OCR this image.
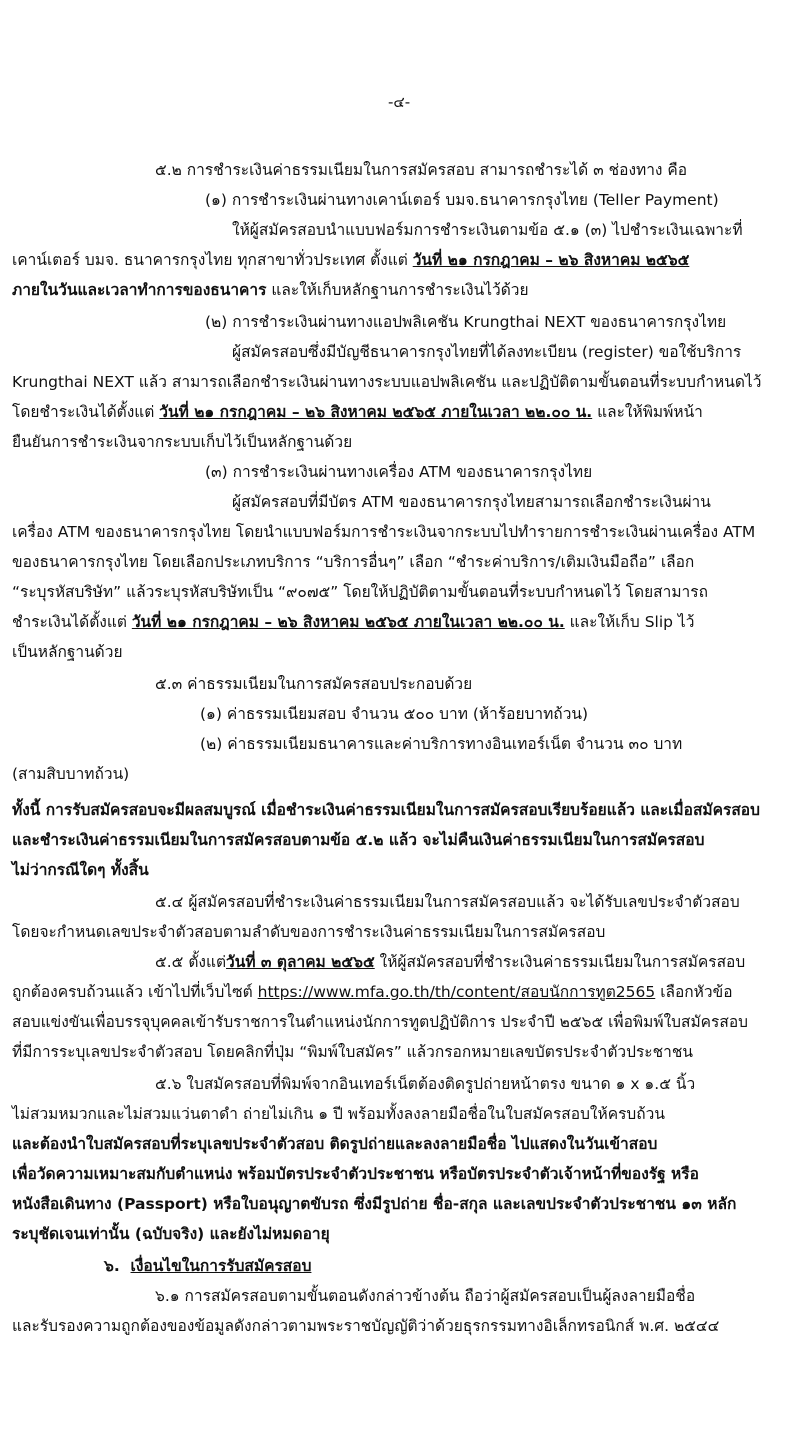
-๔-
๕.๒ การชำระเงินค่าธรรมเนียมในการสมัครสอบ สามารถชำระได้ ๓ ช่องทาง คือ
(๑) การชำระเงินผ่านทางเคาน์เตอร์ บมจ.ธนาคารกรุงไทย (Teller Payment)
ให้ผู้สมัครสอบนำแบบฟอร์มการชำระเงินตามข้อ ๕.๑ (๓) ไปชำระเงินเฉพาะที่
เคาน์เตอร์ บมจ. ธนาคารกรุงไทย ทุกสาขาทั่วประเทศ ตั้งแต่ วันที่ ๒๑ กรกฎาคม – ๒๖ สิงหาคม ๒๕๖๕
ภายในวันและเวลาทำการของธนาคาร และให้เก็บหลักฐานการชำระเงินไว้ด้วย
(๒) การชำระเงินผ่านทางแอปพลิเคชัน Krungthai NEXT ของธนาคารกรุงไทย
ผู้สมัครสอบซึ่งมีบัญชีธนาคารกรุงไทยที่ได้ลงทะเบียน (register) ขอใช้บริการ
Krungthai NEXT แล้ว สามารถเลือกชำระเงินผ่านทางระบบแอปพลิเคชัน และปฏิบัติตามขั้นตอนที่ระบบกำหนดไว้
โดยชำระเงินได้ตั้งแต่ วันที่ ๒๑ กรกฎาคม – ๒๖ สิงหาคม ๒๕๖๕ ภายในเวลา ๒๒.๐๐ น. และให้พิมพ์หน้า
ยืนยันการชำระเงินจากระบบเก็บไว้เป็นหลักฐานด้วย
(๓) การชำระเงินผ่านทางเครื่อง ATM ของธนาคารกรุงไทย
ผู้สมัครสอบที่มีบัตร ATM ของธนาคารกรุงไทยสามารถเลือกชำระเงินผ่าน
เครื่อง ATM ของธนาคารกรุงไทย โดยนำแบบฟอร์มการชำระเงินจากระบบไปทำรายการชำระเงินผ่านเครื่อง ATM
ของธนาคารกรุงไทย โดยเลือกประเภทบริการ “บริการอื่นๆ” เลือก “ชำระค่าบริการ/เติมเงินมือถือ” เลือก
“ระบุรหัสบริษัท” แล้วระบุรหัสบริษัทเป็น “๙๐๗๕” โดยให้ปฏิบัติตามขั้นตอนที่ระบบกำหนดไว้ โดยสามารถ
ชำระเงินได้ตั้งแต่ วันที่ ๒๑ กรกฎาคม – ๒๖ สิงหาคม ๒๕๖๕ ภายในเวลา ๒๒.๐๐ น. และให้เก็บ Slip ไว้
เป็นหลักฐานด้วย
๕.๓ ค่าธรรมเนียมในการสมัครสอบประกอบด้วย
(๑) ค่าธรรมเนียมสอบ จำนวน ๕๐๐ บาท (ห้าร้อยบาทถ้วน)
(๒) ค่าธรรมเนียมธนาคารและค่าบริการทางอินเทอร์เน็ต จำนวน ๓๐ บาท
(สามสิบบาทถ้วน)
ทั้งนี้ การรับสมัครสอบจะมีผลสมบูรณ์ เมื่อชำระเงินค่าธรรมเนียมในการสมัครสอบเรียบร้อยแล้ว และเมื่อสมัครสอบ
และชำระเงินค่าธรรมเนียมในการสมัครสอบตามข้อ ๕.๒ แล้ว จะไม่คืนเงินค่าธรรมเนียมในการสมัครสอบ
ไม่ว่ากรณีใดๆ ทั้งสิ้น
๕.๔ ผู้สมัครสอบที่ชำระเงินค่าธรรมเนียมในการสมัครสอบแล้ว จะได้รับเลขประจำตัวสอบ
โดยจะกำหนดเลขประจำตัวสอบตามลำดับของการชำระเงินค่าธรรมเนียมในการสมัครสอบ
๕.๕ ตั้งแต่วันที่ ๓ ตุลาคม ๒๕๖๕ ให้ผู้สมัครสอบที่ชำระเงินค่าธรรมเนียมในการสมัครสอบ
ถูกต้องครบถ้วนแล้ว เข้าไปที่เว็บไซต์ https://www.mfa.go.th/th/content/สอบนักการทูต2565 เลือกหัวข้อ
สอบแข่งขันเพื่อบรรจุบุคคลเข้ารับราชการในตำแหน่งนักการทูตปฏิบัติการ ประจำปี ๒๕๖๕ เพื่อพิมพ์ใบสมัครสอบ
ที่มีการระบุเลขประจำตัวสอบ โดยคลิกที่ปุ่ม “พิมพ์ใบสมัคร” แล้วกรอกหมายเลขบัตรประจำตัวประชาชน
๕.๖ ใบสมัครสอบที่พิมพ์จากอินเทอร์เน็ตต้องติดรูปถ่ายหน้าตรง ขนาด ๑ x ๑.๕ นิ้ว
ไม่สวมหมวกและไม่สวมแว่นตาดำ ถ่ายไม่เกิน ๑ ปี พร้อมทั้งลงลายมือชื่อในใบสมัครสอบให้ครบถ้วน
และต้องนำใบสมัครสอบที่ระบุเลขประจำตัวสอบ ติดรูปถ่ายและลงลายมือชื่อ ไปแสดงในวันเข้าสอบ
เพื่อวัดความเหมาะสมกับตำแหน่ง พร้อมบัตรประจำตัวประชาชน หรือบัตรประจำตัวเจ้าหน้าที่ของรัฐ หรือ
หนังสือเดินทาง (Passport) หรือใบอนุญาตขับรถ ซึ่งมีรูปถ่าย ชื่อ-สกุล และเลขประจำตัวประชาชน ๑๓ หลัก
ระบุชัดเจนเท่านั้น (ฉบับจริง) และยังไม่หมดอายุ
๖. เงื่อนไขในการรับสมัครสอบ
๖.๑ การสมัครสอบตามขั้นตอนดังกล่าวข้างต้น ถือว่าผู้สมัครสอบเป็นผู้ลงลายมือชื่อ
และรับรองความถูกต้องของข้อมูลดังกล่าวตามพระราชบัญญัติว่าด้วยธุรกรรมทางอิเล็กทรอนิกส์ พ.ศ. ๒๕๔๔
